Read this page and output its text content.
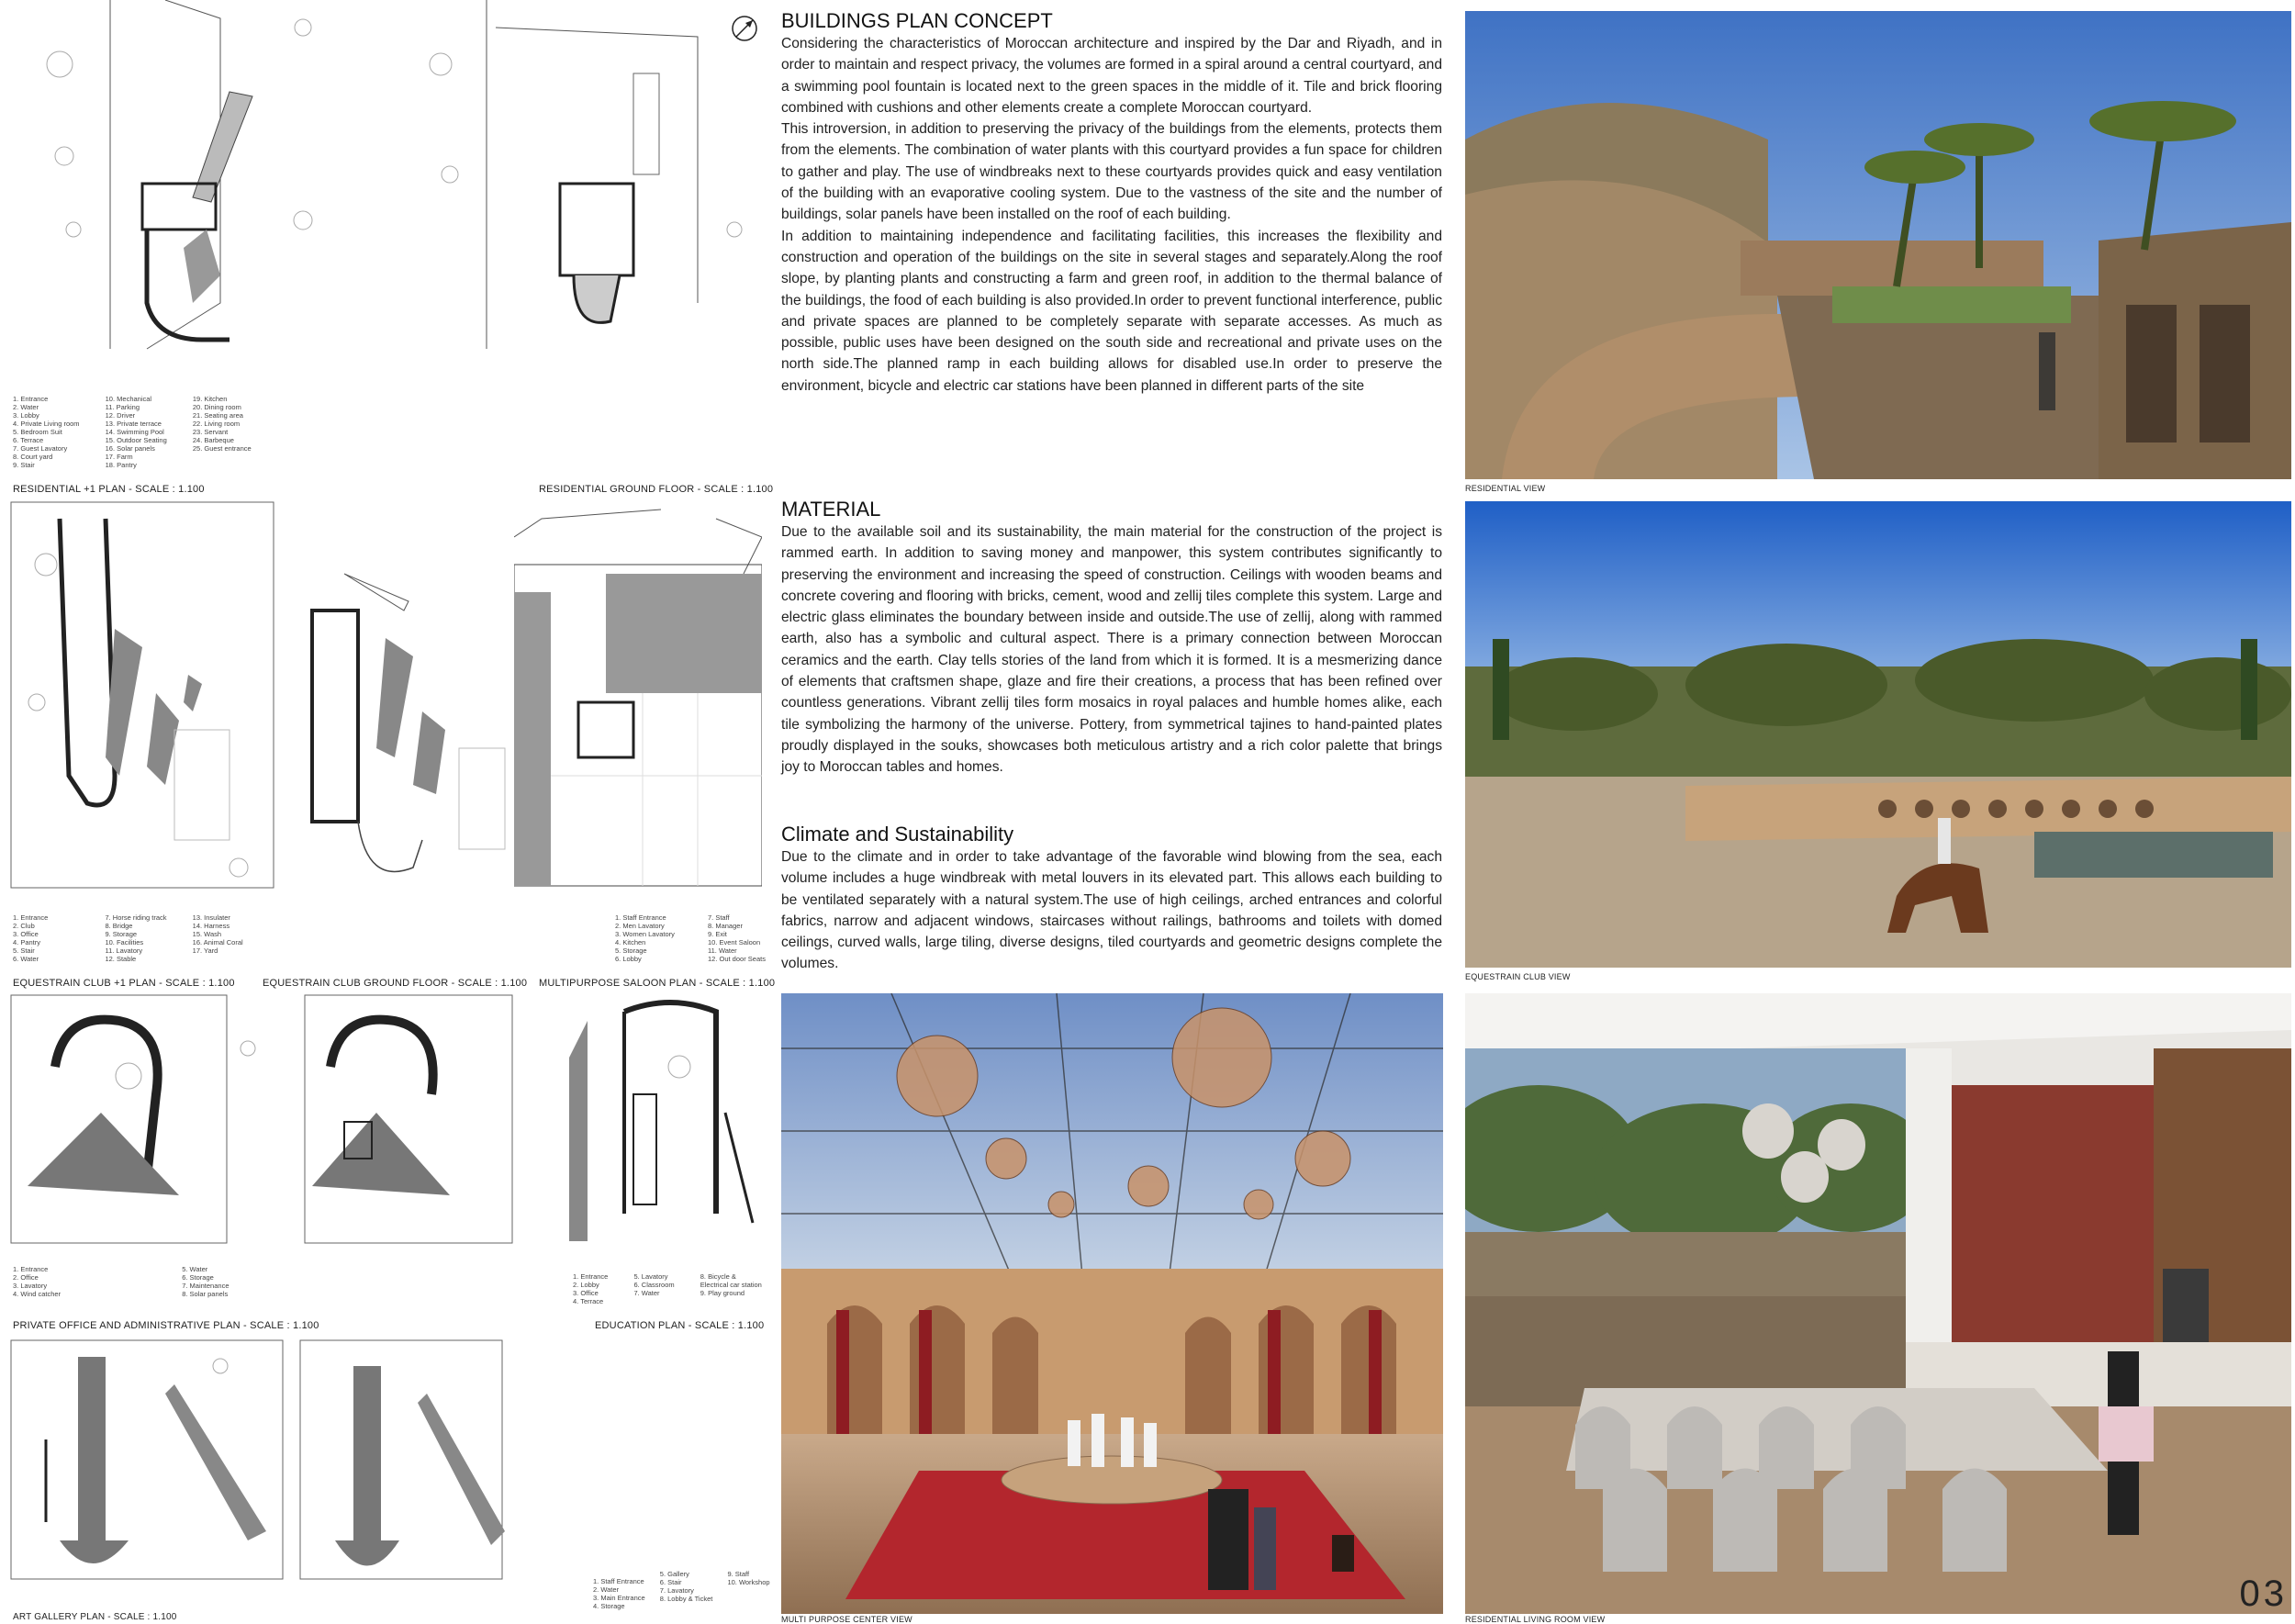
1. Entrance
2. Water
3. Lobby
4. Private Living room
5. Bedroom Suit
6. Terrace
7. Guest Lavatory
8. Court yard
9. Stair

10. Mechanical
11. Parking
12. Driver
13. Private terrace
14. Swimming Pool
15. Outdoor Seating
16. Solar panels
17. Farm
18. Pantry

19. Kitchen
20. Dining room
21. Seating area
22. Living room
23. Servant
24. Barbeque
25. Guest entrance
RESIDENTIAL +1 PLAN - SCALE : 1.100	RESIDENTIAL GROUND FLOOR - SCALE : 1.100
1. Entrance
2. Club
3. Office
4. Pantry
5. Stair
6. Water

7. Horse riding track
8. Bridge
9. Storage
10. Facilities
11. Lavatory
12. Stable

13. Insulater
14. Harness
15. Wash
16. Animal Coral
17. Yard
1. Staff Entrance
2. Men Lavatory
3. Women Lavatory
4. Kitchen
5. Storage
6. Lobby

7. Staff
8. Manager
9. Exit
10. Event Saloon
11. Water
12. Out door Seats
EQUESTRAIN CLUB +1 PLAN - SCALE : 1.100	EQUESTRAIN CLUB GROUND FLOOR - SCALE : 1.100 MULTIPURPOSE SALOON PLAN - SCALE : 1.100
1. Entrance
2. Office
3. Lavatory
4. Wind catcher

5. Water
6. Storage
7. Maintenance
8. Solar panels
1. Entrance
2. Lobby
3. Office
4. Terrace

5. Lavatory
6. Classroom
7. Water

8. Bicycle &
Electrical car station
9. Play ground
PRIVATE OFFICE AND ADMINISTRATIVE PLAN - SCALE : 1.100	EDUCATION PLAN - SCALE : 1.100
1. Staff Entrance
2. Water
3. Main Entrance
4. Storage

5. Gallery
6. Stair
7. Lavatory
8. Lobby & Ticket

9. Staff
10. Workshop
ART GALLERY PLAN - SCALE : 1.100
BUILDINGS PLAN CONCEPT

Considering the characteristics of Moroccan architecture and inspired by the Dar and Riyadh, and in order to maintain and respect privacy, the volumes are formed in a spiral around a central courtyard, and a swimming pool fountain is located next to the green spaces in the middle of it. Tile and brick flooring combined with cushions and other elements create a complete Moroccan courtyard.

This introversion, in addition to preserving the privacy of the buildings from the elements, protects them from the elements. The combination of water plants with this courtyard provides a fun space for children to gather and play. The use of windbreaks next to these courtyards provides quick and easy ventilation of the building with an evaporative cooling system. Due to the vastness of the site and the number of buildings, solar panels have been installed on the roof of each building.

In addition to maintaining independence and facilitating facilities, this increases the flexibility and construction and operation of the buildings on the site in several stages and separately.Along the roof slope, by planting plants and constructing a farm and green roof, in addition to the thermal balance of the buildings, the food of each building is also provided.In order to prevent functional interference, public and private spaces are planned to be completely separate with separate accesses. As much as possible, public uses have been designed on the south side and recreational and private uses on the north side.The planned ramp in each building allows for disabled use.In order to preserve the environment, bicycle and electric car stations have been planned in different parts of the site

MATERIAL
Due to the available soil and its sustainability, the main material for the construction of the project is rammed earth. In addition to saving money and manpower, this system contributes significantly to preserving the environment and increasing the speed of construction. Ceilings with wooden beams and concrete covering and flooring with bricks, cement, wood and zellij tiles complete this system. Large and electric glass eliminates the boundary between inside and outside.The use of zellij, along with rammed earth, also has a symbolic and cultural aspect. There is a primary connection between Moroccan ceramics and the earth. Clay tells stories of the land from which it is formed. It is a mesmerizing dance of elements that craftsmen shape, glaze and fire their creations, a process that has been refined over countless generations. Vibrant zellij tiles form mosaics in royal palaces and humble homes alike, each tile symbolizing the harmony of the universe. Pottery, from symmetrical tajines to hand-painted plates proudly displayed in the souks, showcases both meticulous artistry and a rich color palette that brings joy to Moroccan tables and homes.
Climate and Sustainability
Due to the climate and in order to take advantage of the favorable wind blowing from the sea, each volume includes a huge windbreak with metal louvers in its elevated part. This allows each building to be ventilated separately with a natural system.The use of high ceilings, arched entrances and colorful fabrics, narrow and adjacent windows, staircases without railings, bathrooms and toilets with domed ceilings, curved walls, large tiling, diverse designs, tiled courtyards and geometric designs complete the volumes.
MULTI PURPOSE CENTER VIEW
RESIDENTIAL VIEW
EQUESTRAIN CLUB VIEW
RESIDENTIAL LIVING ROOM VIEW
03
